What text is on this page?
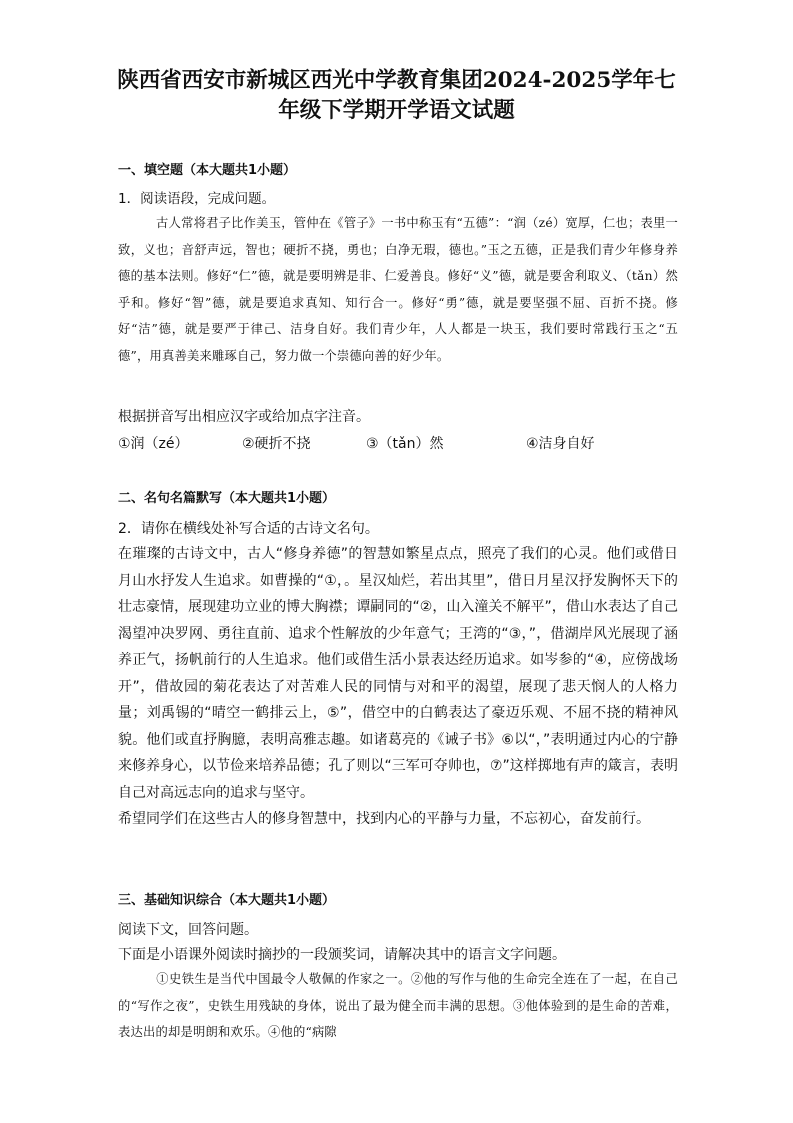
陕西省西安市新城区西光中学教育集团2024-2025学年七
年级下学期开学语文试题

一、填空题（本大题共1小题）

1．阅读语段，完成问题。

古人常将君子比作美玉，管仲在《管子》一书中称玉有“五德”：“润（zé）宽厚，仁也；表里一致，义也；音舒声远，智也；硬折不挠，勇也；白净无瑕，德也。”玉之五德，正是我们青少年修身养德的基本法则。修好“仁”德，就是要明辨是非、仁爱善良。修好“义”德，就是要舍利取义、（tǎn）然乎和。修好“智”德，就是要追求真知、知行合一。修好“勇”德，就是要坚强不屈、百折不挠。修好“洁”德，就是要严于律己、洁身自好。我们青少年，人人都是一块玉，我们要时常践行玉之“五德”，用真善美来雕琢自己，努力做一个崇德向善的好少年。

根据拼音写出相应汉字或给加点字注音。

①润（zé）	②硬折不挠	③（tǎn）然	④洁身自好

二、名句名篇默写（本大题共1小题）

2．请你在横线处补写合适的古诗文名句。

在璀璨的古诗文中，古人“修身养德”的智慧如繁星点点，照亮了我们的心灵。他们或借日月山水抒发人生追求。如曹操的“①，。星汉灿烂，若出其里”，借日月星汉抒发胸怀天下的壮志豪情，展现建功立业的博大胸襟；谭嗣同的“②，山入潼关不解平”，借山水表达了自己渴望冲决罗网、勇往直前、追求个性解放的少年意气；王湾的“③，”，借湖岸风光展现了涵养正气，扬帆前行的人生追求。他们或借生活小景表达经历追求。如岑参的“④，应傍战场开”，借故园的菊花表达了对苦难人民的同情与对和平的渴望，展现了悲天悯人的人格力量；刘禹锡的“晴空一鹤排云上，⑤”，借空中的白鹤表达了豪迈乐观、不屈不挠的精神风貌。他们或直抒胸臆，表明高雅志趣。如诸葛亮的《诫子书》⑥以“，”表明通过内心的宁静来修养身心，以节俭来培养品德；孔了则以“三军可夺帅也，⑦”这样掷地有声的箴言，表明自己对高远志向的追求与坚守。

希望同学们在这些古人的修身智慧中，找到内心的平静与力量，不忘初心，奋发前行。

三、基础知识综合（本大题共1小题）

阅读下文，回答问题。

下面是小语课外阅读时摘抄的一段颁奖词，请解决其中的语言文字问题。

①史铁生是当代中国最令人敬佩的作家之一。②他的写作与他的生命完全连在了一起，在自己的“写作之夜”，史铁生用残缺的身体，说出了最为健全而丰满的思想。③他体验到的是生命的苦难，表达出的却是明朗和欢乐。④他的“病隙
